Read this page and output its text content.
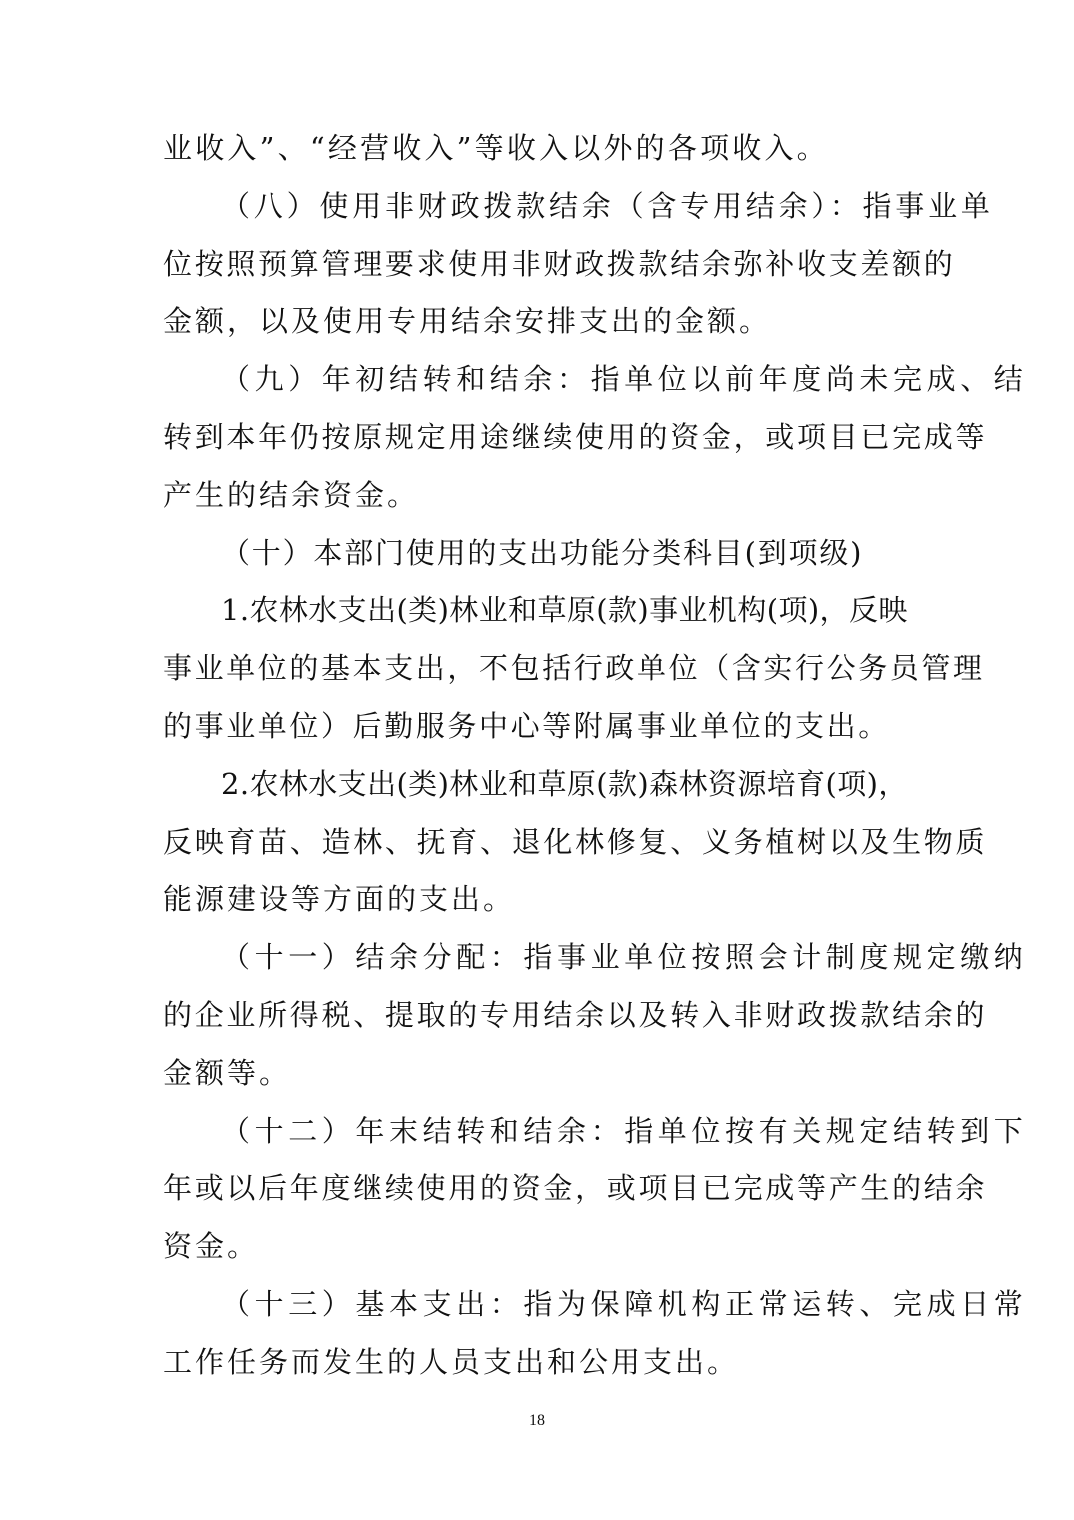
业收入”、“经营收入”等收入以外的各项收入。
（八）使用非财政拨款结余（含专用结余）：指事业单
位按照预算管理要求使用非财政拨款结余弥补收支差额的
金额，以及使用专用结余安排支出的金额。
（九）年初结转和结余：指单位以前年度尚未完成、结
转到本年仍按原规定用途继续使用的资金，或项目已完成等
产生的结余资金。
（十）本部门使用的支出功能分类科目(到项级)
1.农林水支出(类)林业和草原(款)事业机构(项)，反映
事业单位的基本支出，不包括行政单位（含实行公务员管理
的事业单位）后勤服务中心等附属事业单位的支出。
2.农林水支出(类)林业和草原(款)森林资源培育(项)，
反映育苗、造林、抚育、退化林修复、义务植树以及生物质
能源建设等方面的支出。
（十一）结余分配：指事业单位按照会计制度规定缴纳
的企业所得税、提取的专用结余以及转入非财政拨款结余的
金额等。
（十二）年末结转和结余：指单位按有关规定结转到下
年或以后年度继续使用的资金，或项目已完成等产生的结余
资金。
（十三）基本支出：指为保障机构正常运转、完成日常
工作任务而发生的人员支出和公用支出。
18
